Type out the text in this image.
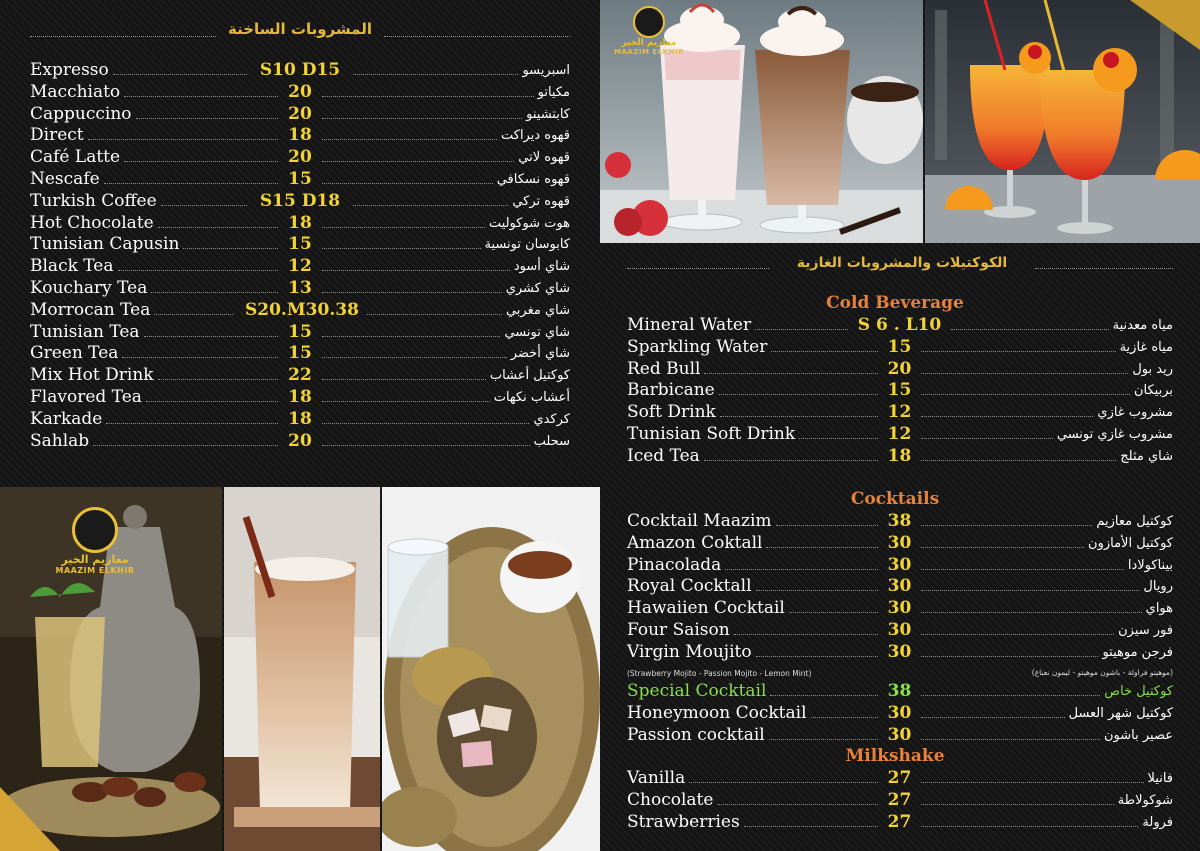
المشروبات الساخنة
Expresso	S10 D15	اسبريسو
Macchiato	20	مكياتو
Cappuccino	20	كابتشينو
Direct	18	قهوه ديراكت
Café Latte	20	قهوه لاتي
Nescafe	15	قهوه نسكافي
Turkish Coffee	S15 D18	قهوه تركي
Hot Chocolate	18	هوت شوكوليت
Tunisian Capusin	15	كابوسان تونسية
Black Tea	12	شاي أسود
Kouchary Tea	13	شاي كشري
Morrocan Tea	S20.M30.38	شاي مغربي
Tunisian Tea	15	شاي تونسي
Green Tea	15	شاي أخضر
Mix Hot Drink	22	كوكتيل أعشاب
Flavored Tea	18	أعشاب نكهات
Karkade	18	كركدي
Sahlab	20	سحلب
معازيم الخير
MAAZIM ELKHIR
معازيم الخير
MAAZIM ELKHIR
الكوكتيلات والمشروبات الغازية
Cold Beverage
Mineral Water	S 6 . L10	مياه معدنية
Sparkling Water	15	مياه غازية
Red Bull	20	ريد بول
Barbicane	15	بربيكان
Soft Drink	12	مشروب غازي
Tunisian Soft Drink	12	مشروب غازي تونسي
Iced Tea	18	شاي مثلج
Cocktails
Cocktail Maazim	38	كوكتيل معازيم
Amazon Coktall	30	كوكتيل الأمازون
Pinacolada	30	بيناكولادا
Royal Cocktall	30	رويال
Hawaiien Cocktail	30	هواي
Four Saison	30	فور سيزن
Virgin Moujito	30	فرجن موهيتو
(Strawberry Mojito - Passion Mojito - Lemon Mint)	(موهيتو فراولة - باشون موهيتو - ليمون نعناع)
Special Cocktail	38	كوكتيل خاص
Honeymoon Cocktail	30	كوكتيل شهر العسل
Passion cocktail	30	عصير باشون
Milkshake
Vanilla	27	فانيلا
Chocolate	27	شوكولاطة
Strawberries	27	فرولة
